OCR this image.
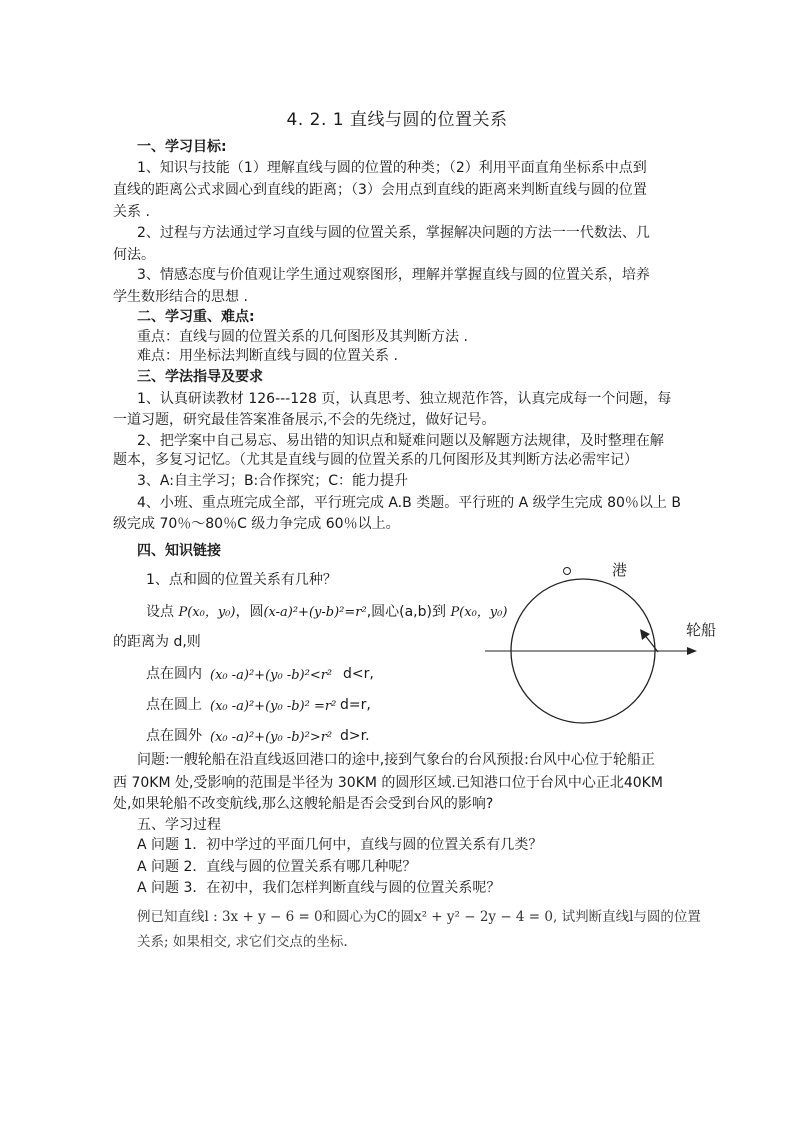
4. 2. 1 直线与圆的位置关系
一、学习目标:
1、知识与技能（1）理解直线与圆的位置的种类；（2）利用平面直角坐标系中点到
直线的距离公式求圆心到直线的距离；（3）会用点到直线的距离来判断直线与圆的位置
关系 .
2、过程与方法通过学习直线与圆的位置关系，掌握解决问题的方法一一代数法、几
何法。
3、情感态度与价值观让学生通过观察图形，理解并掌握直线与圆的位置关系，培养
学生数形结合的思想 .
二、学习重、难点:
重点：直线与圆的位置关系的几何图形及其判断方法 .
难点：用坐标法判断直线与圆的位置关系 .
三、学法指导及要求
1、认真研读教材 126---128 页，认真思考、独立规范作答，认真完成每一个问题，每
一道习题，研究最佳答案准备展示,不会的先绕过，做好记号。
2、把学案中自己易忘、易出错的知识点和疑难问题以及解题方法规律，及时整理在解
题本，多复习记忆。（尤其是直线与圆的位置关系的几何图形及其判断方法必需牢记）
3、A:自主学习；B:合作探究；C：能力提升
4、小班、重点班完成全部，平行班完成 A.B 类题。平行班的 A 级学生完成 80％以上 B
级完成 70％～80％C 级力争完成 60％以上。
四、知识链接
1、点和圆的位置关系有几种？
设点 P(x₀，y₀)，圆(x-a)²+(y-b)²=r²,圆心(a,b)到 P(x₀，y₀)
的距离为 d,则
点在圆内 (x₀ -a)²+(y₀ -b)²<r² d<r,
点在圆上 (x₀ -a)²+(y₀ -b)² =r² d=r,
点在圆外 (x₀ -a)²+(y₀ -b)²>r² d>r.
港
轮船
问题:一艘轮船在沿直线返回港口的途中,接到气象台的台风预报:台风中心位于轮船正
西 70KM 处,受影响的范围是半径为 30KM 的圆形区域.已知港口位于台风中心正北40KM
处,如果轮船不改变航线,那么这艘轮船是否会受到台风的影响?
五、学习过程
A 问题 1．初中学过的平面几何中，直线与圆的位置关系有几类？
A 问题 2．直线与圆的位置关系有哪几种呢？
A 问题 3．在初中，我们怎样判断直线与圆的位置关系呢？
例已知直线l : 3x + y − 6 = 0和圆心为C的圆x² + y² − 2y − 4 = 0, 试判断直线l与圆的位置
关系; 如果相交, 求它们交点的坐标.
